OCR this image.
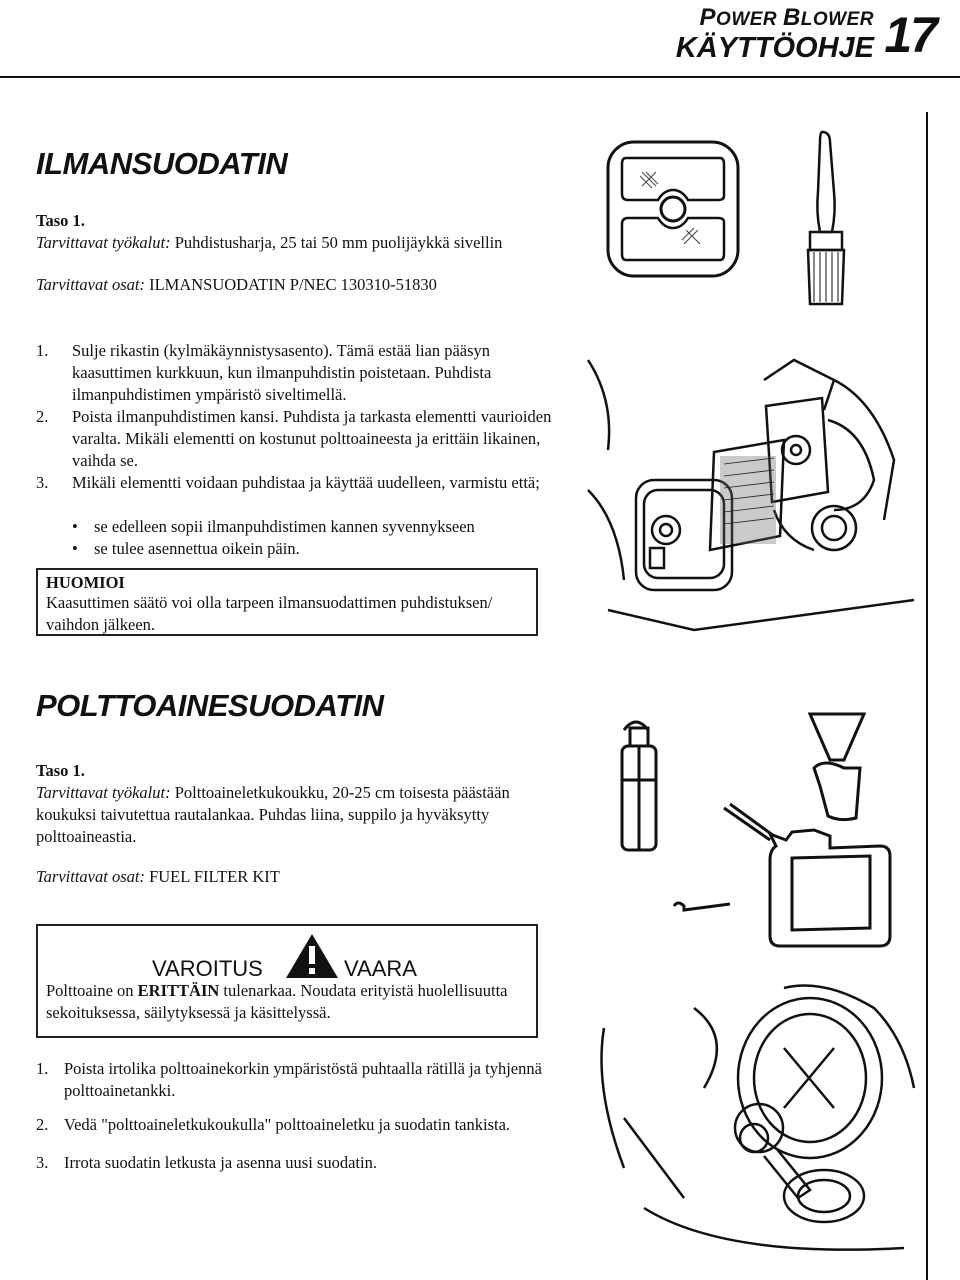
POWER BLOWER
KÄYTTÖOHJE 17
ILMANSUODATIN
Taso 1.
Tarvittavat työkalut: Puhdistusharja, 25 tai 50 mm puolijäykkä sivellin
Tarvittavat osat: ILMANSUODATIN P/NEC 130310-51830
1.	Sulje rikastin (kylmäkäynnistysasento). Tämä estää lian pääsyn kaasuttimen kurkkuun, kun ilmanpuhdistin poistetaan. Puhdista ilmanpuhdistimen ympäristö siveltimellä.
2.	Poista ilmanpuhdistimen kansi. Puhdista ja tarkasta elementti vaurioiden varalta. Mikäli elementti on kostunut polttoaineesta ja erittäin likainen, vaihda se.
3.	Mikäli elementti voidaan puhdistaa ja käyttää uudelleen, varmistu että;
• se edelleen sopii ilmanpuhdistimen kannen syvennykseen
• se tulee asennettua oikein päin.
HUOMIOI
Kaasuttimen säätö voi olla tarpeen ilmansuodattimen puhdistuksen/ vaihdon jälkeen.
POLTTOAINESUODATIN
Taso 1.
Tarvittavat työkalut: Polttoaineletkukoukku, 20-25 cm toisesta päästään koukuksi taivutettua rautalankaa. Puhdas liina, suppilo ja hyväksytty polttoaineastia.
Tarvittavat osat: FUEL FILTER KIT
VAROITUS	VAARA
Polttoaine on ERITTÄIN tulenarkaa. Noudata erityistä huolellisuutta sekoituksessa, säilytyksessä ja käsittelyssä.
1. Poista irtolika polttoainekorkin ympäristöstä puhtaalla rätillä ja tyhjennä polttoainetankki.
2. Vedä "polttoaineletkukoukulla" polttoaineletku ja suodatin tankista.
3. Irrota suodatin letkusta ja asenna uusi suodatin.
